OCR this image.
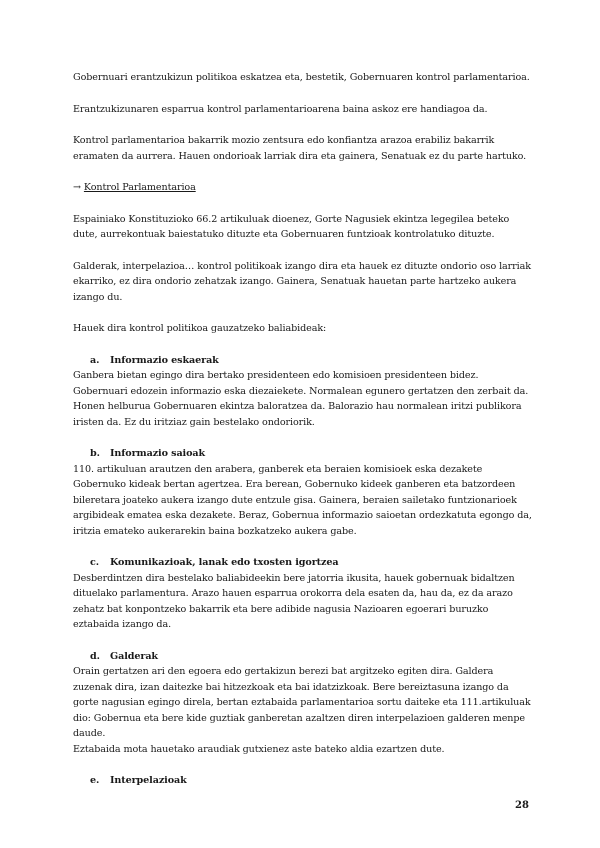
Gobernuari erantzukizun politikoa eskatzea eta, bestetik, Gobernuaren kontrol parlamentarioa.

Erantzukizunaren esparrua kontrol parlamentarioarena baina askoz ere handiagoa da.

Kontrol parlamentarioa bakarrik mozio zentsura edo konfiantza arazoa erabiliz bakarrik eramaten da aurrera. Hauen ondorioak larriak dira eta gainera, Senatuak ez du parte hartuko.

→ Kontrol Parlamentarioa

Espainiako Konstituzioko 66.2 artikuluak dioenez, Gorte Nagusiek ekintza legegilea beteko dute, aurrekontuak baiestatuko dituzte eta Gobernuaren funtzioak kontrolatuko dituzte.

Galderak, interpelazioa… kontrol politikoak izango dira eta hauek ez dituzte ondorio oso larriak ekarriko, ez dira ondorio zehatzak izango. Gainera, Senatuak hauetan parte hartzeko aukera izango du.

Hauek dira kontrol politikoa gauzatzeko baliabideak:

a. Informazio eskaerak

Ganbera bietan egingo dira bertako presidenteen edo komisioen presidenteen bidez. Gobernuari edozein informazio eska diezaiekete. Normalean egunero gertatzen den zerbait da. Honen helburua Gobernuaren ekintza baloratzea da. Balorazio hau normalean iritzi publikora iristen da. Ez du iritziaz gain bestelako ondoriorik.

b. Informazio saioak

110. artikuluan arautzen den arabera, ganberek eta beraien komisioek eska dezakete Gobernuko kideak bertan agertzea. Era berean, Gobernuko kideek ganberen eta batzordeen bileretara joateko aukera izango dute entzule gisa. Gainera, beraien sailetako funtzionarioek argibideak ematea eska dezakete. Beraz, Gobernua informazio saioetan ordezkatuta egongo da, iritzia emateko aukerarekin baina bozkatzeko aukera gabe.

c. Komunikazioak, lanak edo txosten igortzea

Desberdintzen dira bestelako baliabideekin bere jatorria ikusita, hauek gobernuak bidaltzen dituelako parlamentura. Arazo hauen esparrua orokorra dela esaten da, hau da, ez da arazo zehatz bat konpontzeko bakarrik eta bere adibide nagusia Nazioaren egoerari buruzko eztabaida izango da.

d. Galderak

Orain gertatzen ari den egoera edo gertakizun berezi bat argitzeko egiten dira. Galdera zuzenak dira, izan daitezke bai hitzezkoak eta bai idatzizkoak. Bere bereiztasuna izango da gorte nagusian egingo direla, bertan eztabaida parlamentarioa sortu daiteke eta 111.artikuluak dio: Gobernua eta bere kide guztiak ganberetan azaltzen diren interpelazioen galderen menpe daude.

Eztabaida mota hauetako araudiak gutxienez aste bateko aldia ezartzen dute.

e. Interpelazioak

28
